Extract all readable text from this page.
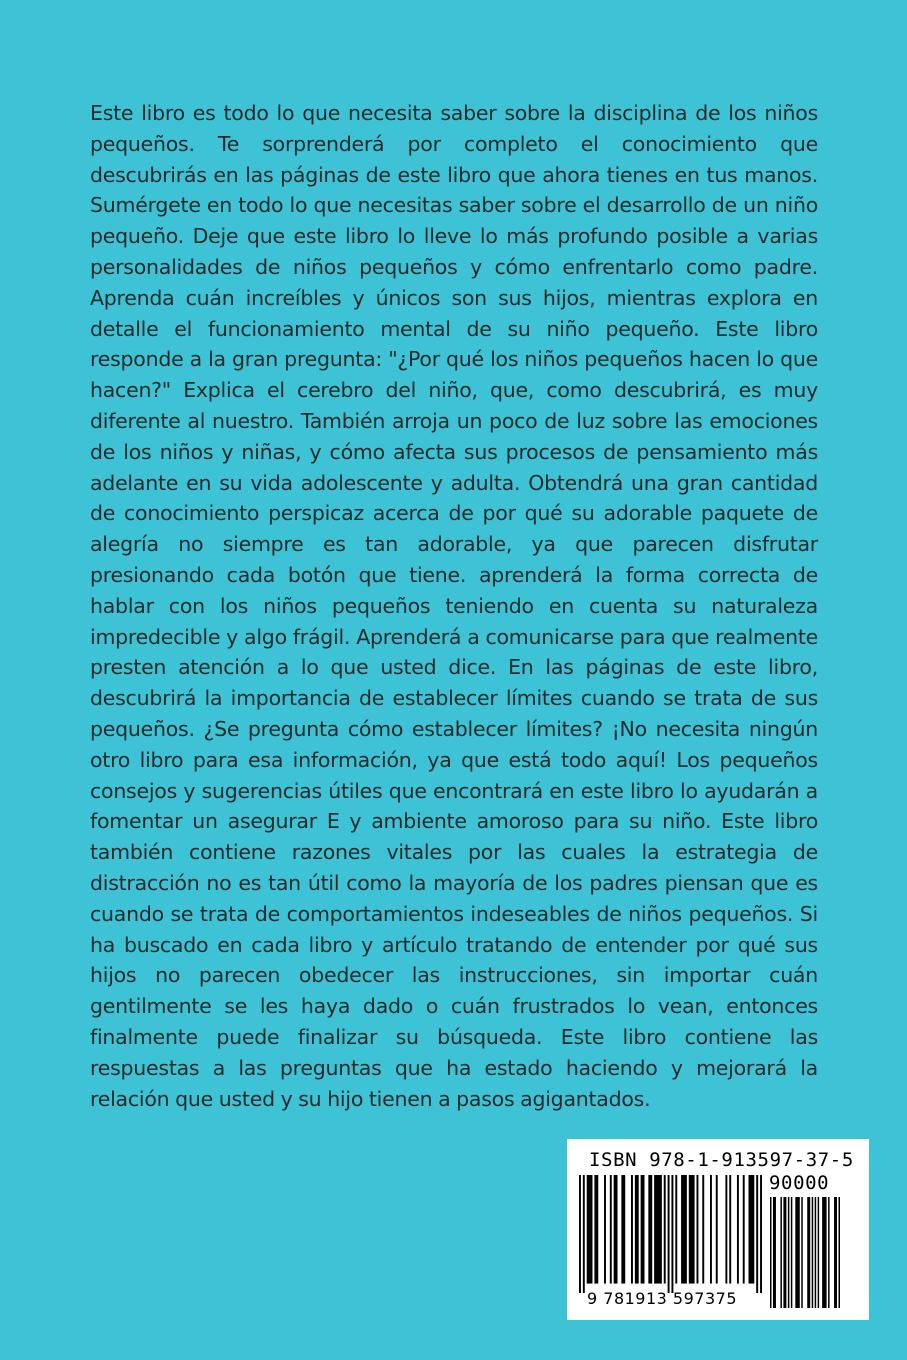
Este libro es todo lo que necesita saber sobre la disciplina de los niños pequeños. Te sorprenderá por completo el conocimiento que descubrirás en las páginas de este libro que ahora tienes en tus manos. Sumérgete en todo lo que necesitas saber sobre el desarrollo de un niño pequeño. Deje que este libro lo lleve lo más profundo posible a varias personalidades de niños pequeños y cómo enfrentarlo como padre. Aprenda cuán increíbles y únicos son sus hijos, mientras explora en detalle el funcionamiento mental de su niño pequeño. Este libro responde a la gran pregunta: "¿Por qué los niños pequeños hacen lo que hacen?" Explica el cerebro del niño, que, como descubrirá, es muy diferente al nuestro. También arroja un poco de luz sobre las emociones de los niños y niñas, y cómo afecta sus procesos de pensamiento más adelante en su vida adolescente y adulta. Obtendrá una gran cantidad de conocimiento perspicaz acerca de por qué su adorable paquete de alegría no siempre es tan adorable, ya que parecen disfrutar presionando cada botón que tiene. aprenderá la forma correcta de hablar con los niños pequeños teniendo en cuenta su naturaleza impredecible y algo frágil. Aprenderá a comunicarse para que realmente presten atención a lo que usted dice. En las páginas de este libro, descubrirá la importancia de establecer límites cuando se trata de sus pequeños. ¿Se pregunta cómo establecer límites? ¡No necesita ningún otro libro para esa información, ya que está todo aquí! Los pequeños consejos y sugerencias útiles que encontrará en este libro lo ayudarán a fomentar un asegurar E y ambiente amoroso para su niño. Este libro también contiene razones vitales por las cuales la estrategia de distracción no es tan útil como la mayoría de los padres piensan que es cuando se trata de comportamientos indeseables de niños pequeños. Si ha buscado en cada libro y artículo tratando de entender por qué sus hijos no parecen obedecer las instrucciones, sin importar cuán gentilmente se les haya dado o cuán frustrados lo vean, entonces finalmente puede finalizar su búsqueda. Este libro contiene las respuestas a las preguntas que ha estado haciendo y mejorará la relación que usted y su hijo tienen a pasos agigantados.

ISBN 978-1-913597-37-5
90000
9 781913 597375
